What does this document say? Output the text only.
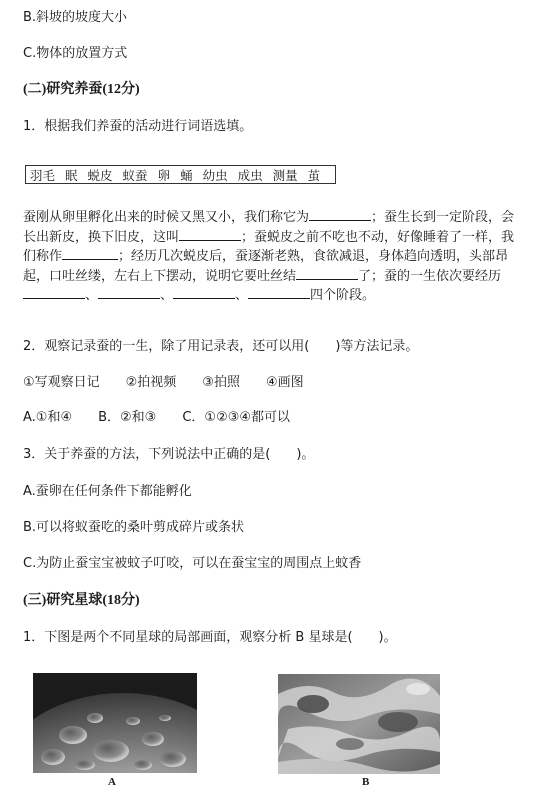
B.斜坡的坡度大小
C.物体的放置方式
(二)研究养蚕(12分)
1．根据我们养蚕的活动进行词语选填。
羽毛 眠 蜕皮 蚁蚕 卵 蛹 幼虫 成虫 测量 茧
蚕刚从卵里孵化出来的时候又黑又小，我们称它为	；蚕生长到一定阶段，会长出新皮，换下旧皮，这叫	；蚕蜕皮之前不吃也不动，好像睡着了一样，我们称作	；经历几次蜕皮后，蚕逐渐老熟，食欲减退，身体趋向透明，头部昂起，口吐丝缕，左右上下摆动，说明它要吐丝结	了；蚕的一生依次要经历、	、	、	四个阶段。
2．观察记录蚕的一生，除了用记录表，还可以用(　　)等方法记录。
①写观察日记　　②拍视频　　③拍照　　④画图
A.①和④　　B．②和③　　C．①②③④都可以
3．关于养蚕的方法，下列说法中正确的是(　　)。
A.蚕卵在任何条件下都能孵化
B.可以将蚁蚕吃的桑叶剪成碎片或条状
C.为防止蚕宝宝被蚊子叮咬，可以在蚕宝宝的周围点上蚊香
(三)研究星球(18分)
1．下图是两个不同星球的局部画面，观察分析 B 星球是(　　)。
A	B
